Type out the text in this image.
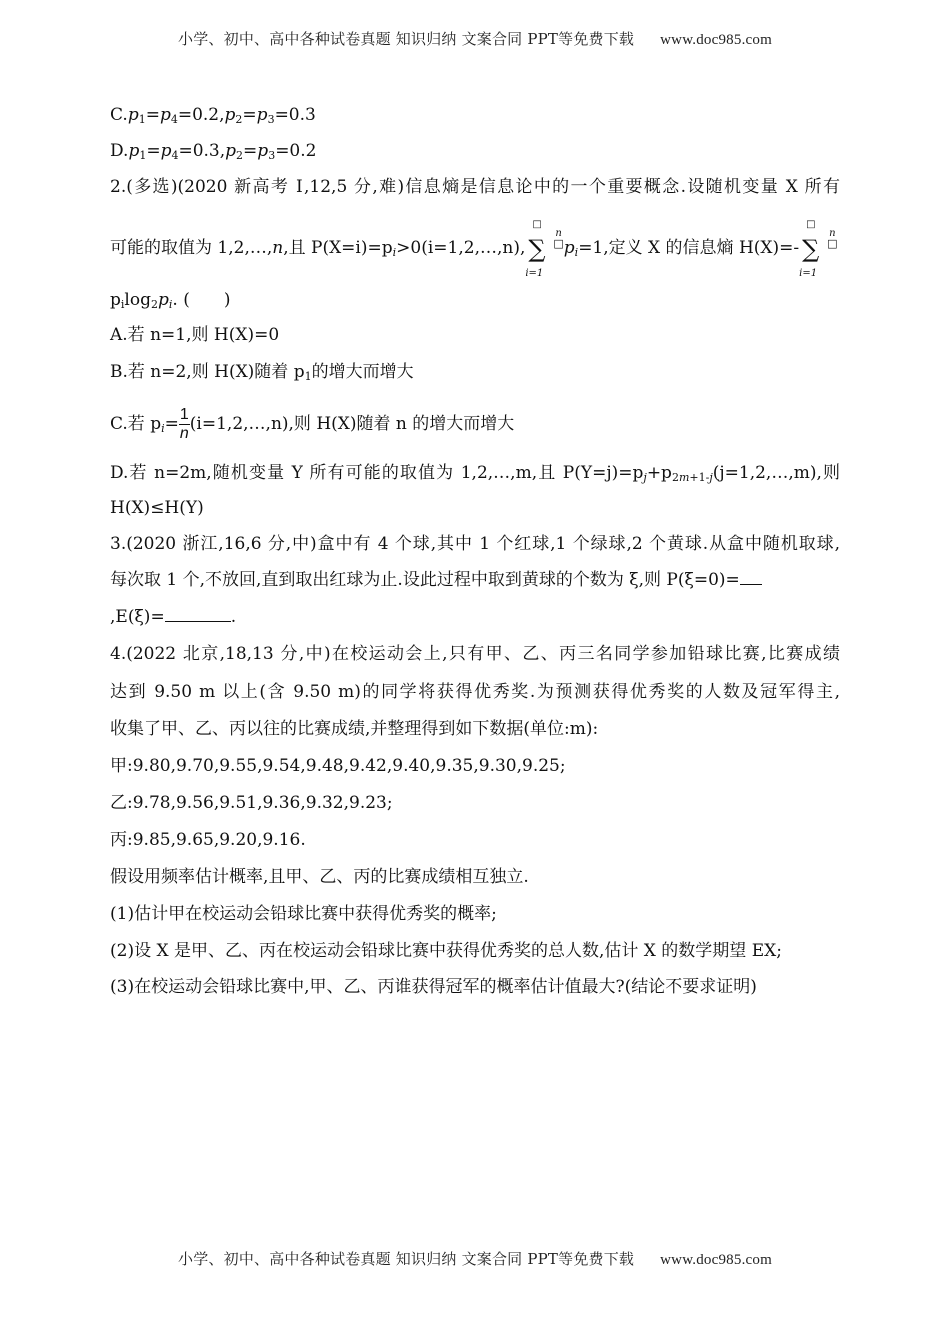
小学、初中、高中各种试卷真题 知识归纳 文案合同 PPT等免费下载 www.doc985.com
$C.p_1=p_4=0.2,p_2=p_3=0.3$
$D.p_1=p_4=0.3,p_2=p_3=0.2$
2.(多选)(2020 新高考 Ⅰ,12,5 分,难)信息熵是信息论中的一个重要概念.设随机变量 X 所有
可能的取值为 1,2,…,n,且 $P(X=i)=p_i>0(i=1,2,\dots,n)$,
□
∑
i=1
$^{n □}p_i=1$,定义 X 的信息熵 H(X)=-
□
∑
i=1
$^{n □}$
$p_i\log_2p_i$. (　　)
A.若 n=1,则 H(X)=0
B.若 n=2,则 H(X)随着 $p_1$的增大而增大
C.若 $p_i= \frac{1}{n}$ (i=1,2,…,n),则 H(X)随着 n 的增大而增大
D.若 n=2m,随机变量 Y 所有可能的取值为 1,2,…,m,且 $P(Y=j)=p_j+p_{2m+1-j}(j=1,2,\dots,m)$,则
H(X)≤H(Y)
3.(2020 浙江,16,6 分,中)盒中有 4 个球,其中 1 个红球,1 个绿球,2 个黄球.从盒中随机取球,
每次取 1 个,不放回,直到取出红球为止.设此过程中取到黄球的个数为 ξ,则 P(ξ=0)=
,E(ξ)=	.
4.(2022 北京,18,13 分,中)在校运动会上,只有甲、乙、丙三名同学参加铅球比赛,比赛成绩
达到 9.50 m 以上(含 9.50 m)的同学将获得优秀奖.为预测获得优秀奖的人数及冠军得主,
收集了甲、乙、丙以往的比赛成绩,并整理得到如下数据(单位:m):
甲:9.80,9.70,9.55,9.54,9.48,9.42,9.40,9.35,9.30,9.25;
乙:9.78,9.56,9.51,9.36,9.32,9.23;
丙:9.85,9.65,9.20,9.16.
假设用频率估计概率,且甲、乙、丙的比赛成绩相互独立.
(1)估计甲在校运动会铅球比赛中获得优秀奖的概率;
(2)设 X 是甲、乙、丙在校运动会铅球比赛中获得优秀奖的总人数,估计 X 的数学期望 EX;
(3)在校运动会铅球比赛中,甲、乙、丙谁获得冠军的概率估计值最大?(结论不要求证明)
小学、初中、高中各种试卷真题 知识归纳 文案合同 PPT等免费下载 www.doc985.com
